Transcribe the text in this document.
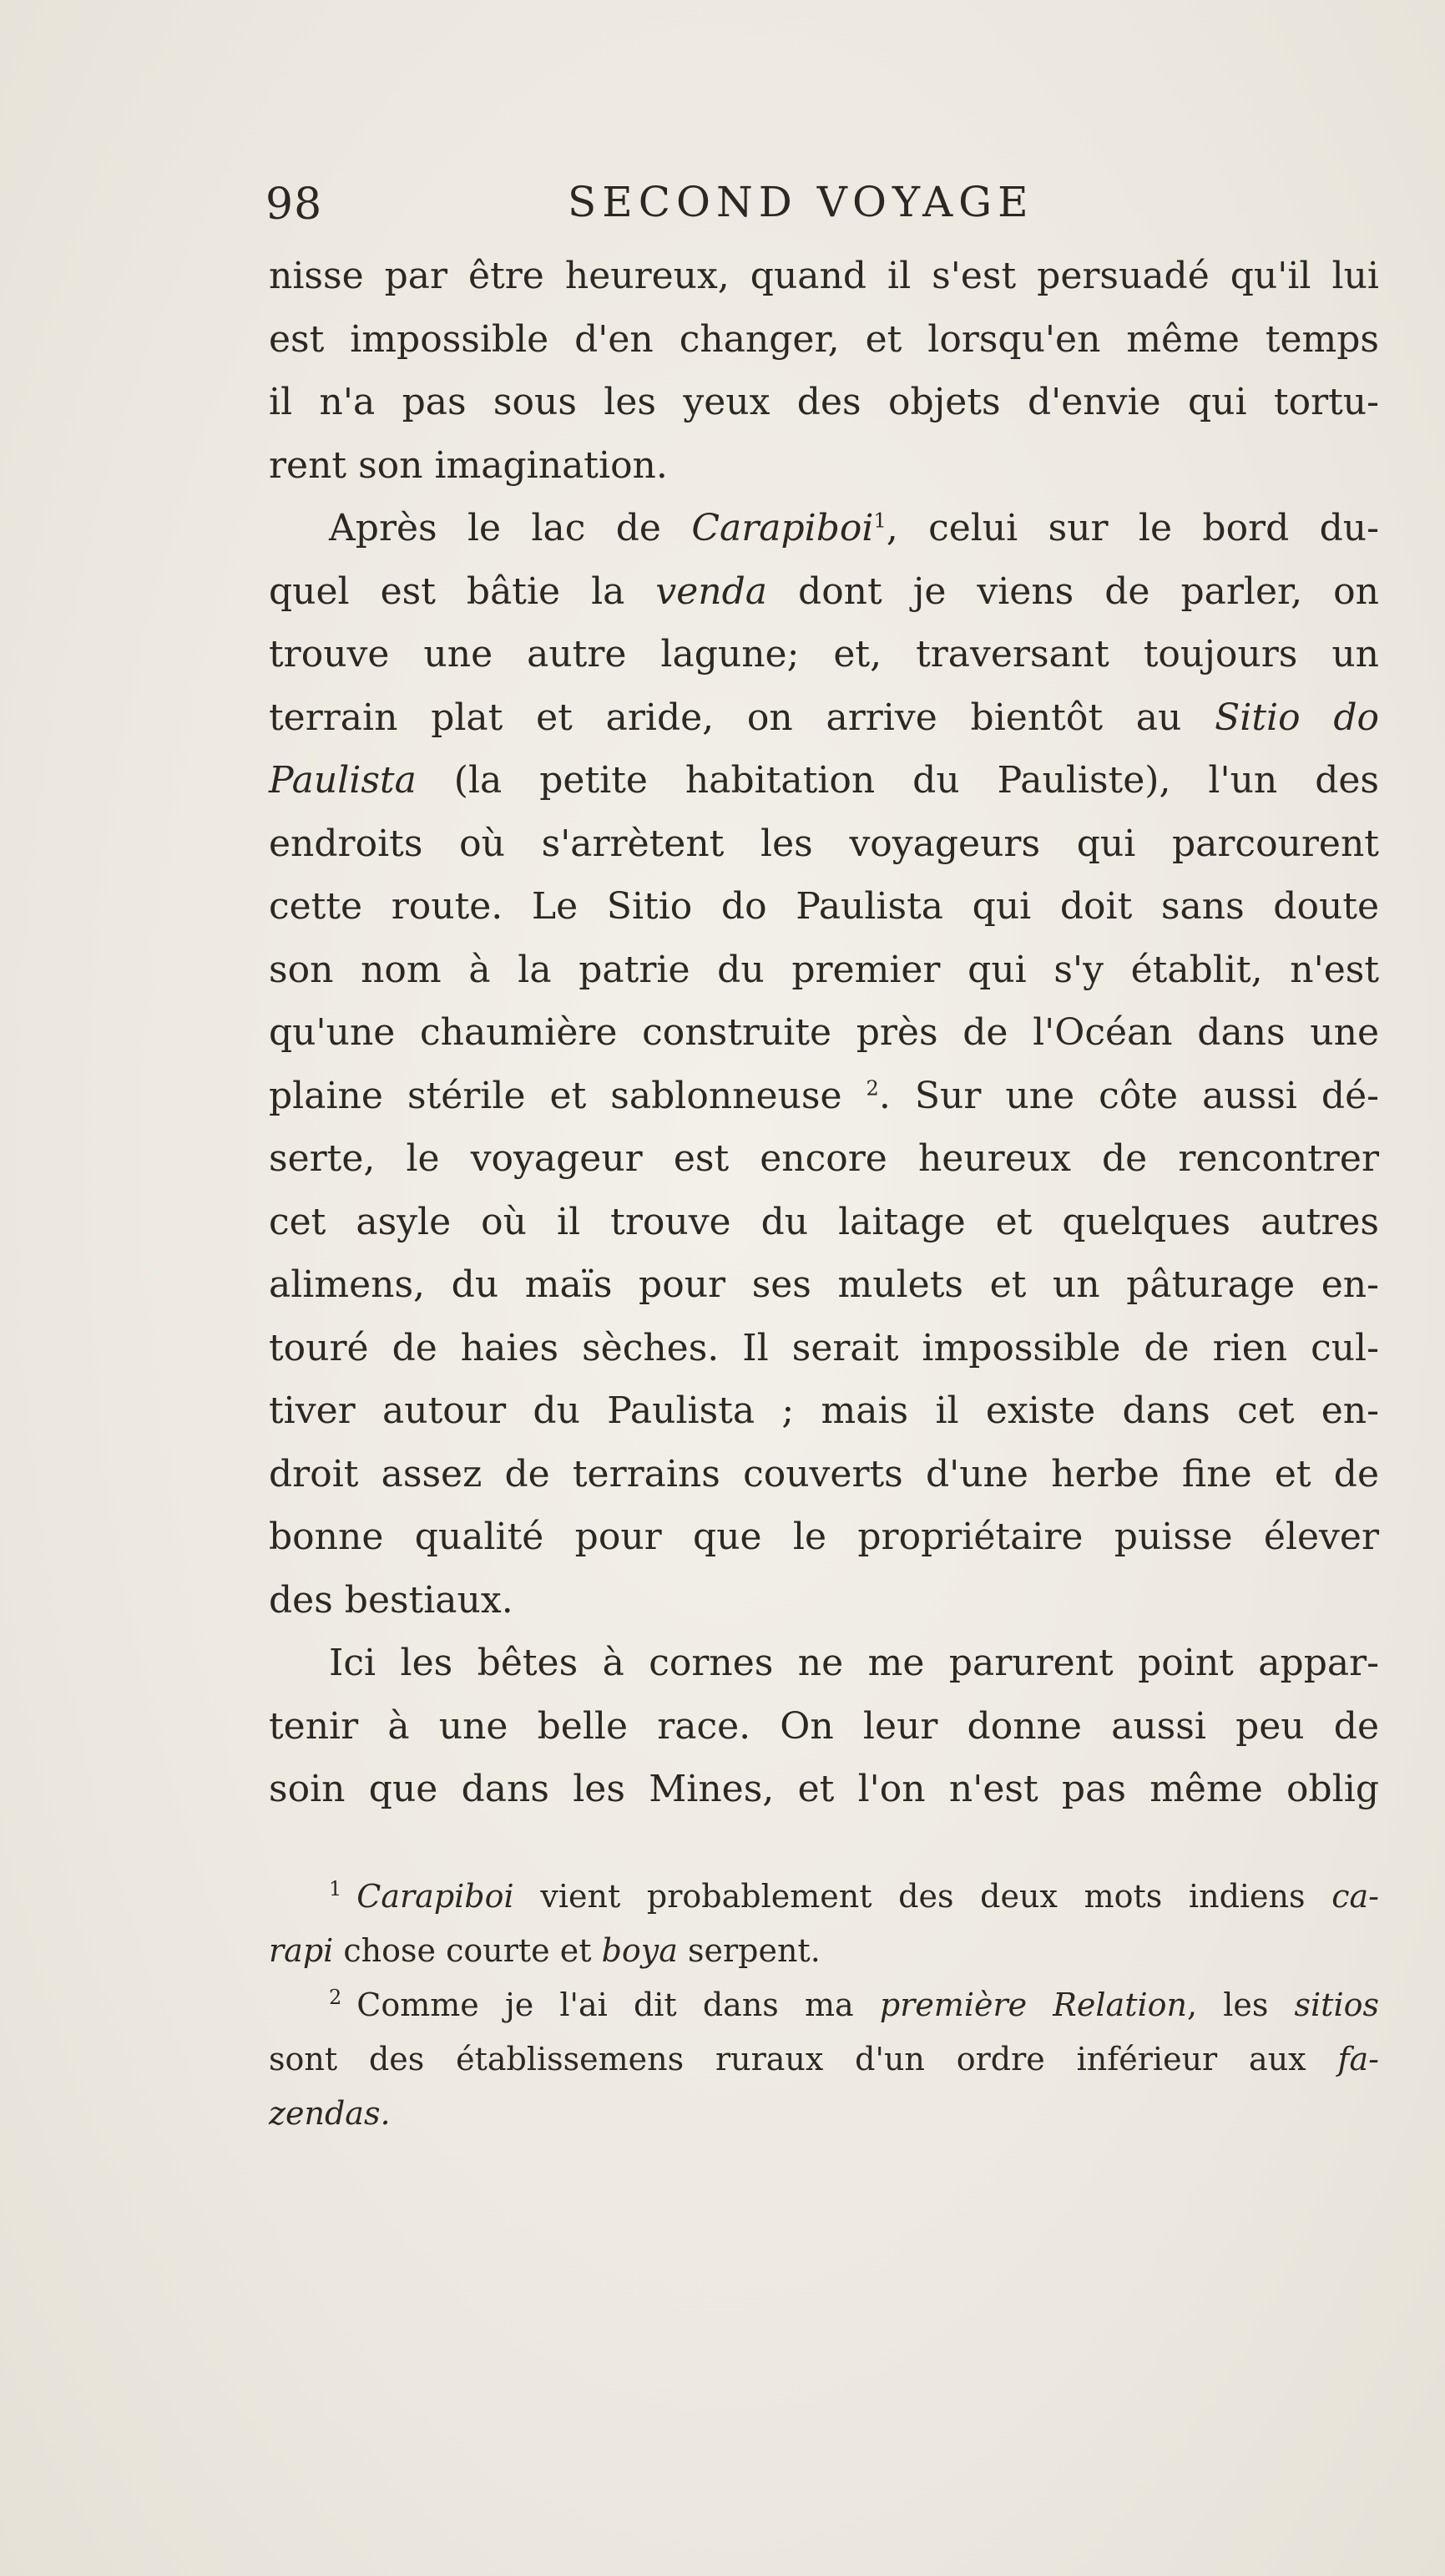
98	SECOND VOYAGE
nisse par être heureux, quand il s'est persuadé qu'il lui
est impossible d'en changer, et lorsqu'en même temps
il n'a pas sous les yeux des objets d'envie qui tortu-
rent son imagination.
Après le lac de Carapiboi$^1$, celui sur le bord du-
quel est bâtie la venda dont je viens de parler, on
trouve une autre lagune; et, traversant toujours un
terrain plat et aride, on arrive bientôt au Sitio do
Paulista (la petite habitation du Pauliste), l'un des
endroits où s'arrètent les voyageurs qui parcourent
cette route. Le Sitio do Paulista qui doit sans doute
son nom à la patrie du premier qui s'y établit, n'est
qu'une chaumière construite près de l'Océan dans une
plaine stérile et sablonneuse $^2$. Sur une côte aussi dé-
serte, le voyageur est encore heureux de rencontrer
cet asyle où il trouve du laitage et quelques autres
alimens, du maïs pour ses mulets et un pâturage en-
touré de haies sèches. Il serait impossible de rien cul-
tiver autour du Paulista ; mais il existe dans cet en-
droit assez de terrains couverts d'une herbe fine et de
bonne qualité pour que le propriétaire puisse élever
des bestiaux.
Ici les bêtes à cornes ne me parurent point appar-
tenir à une belle race. On leur donne aussi peu de
soin que dans les Mines, et l'on n'est pas même oblig
$^1$ Carapiboi vient probablement des deux mots indiens ca-
rapi chose courte et boya serpent.
$^2$ Comme je l'ai dit dans ma première Relation, les sitios
sont des établissemens ruraux d'un ordre inférieur aux fa-
zendas.
